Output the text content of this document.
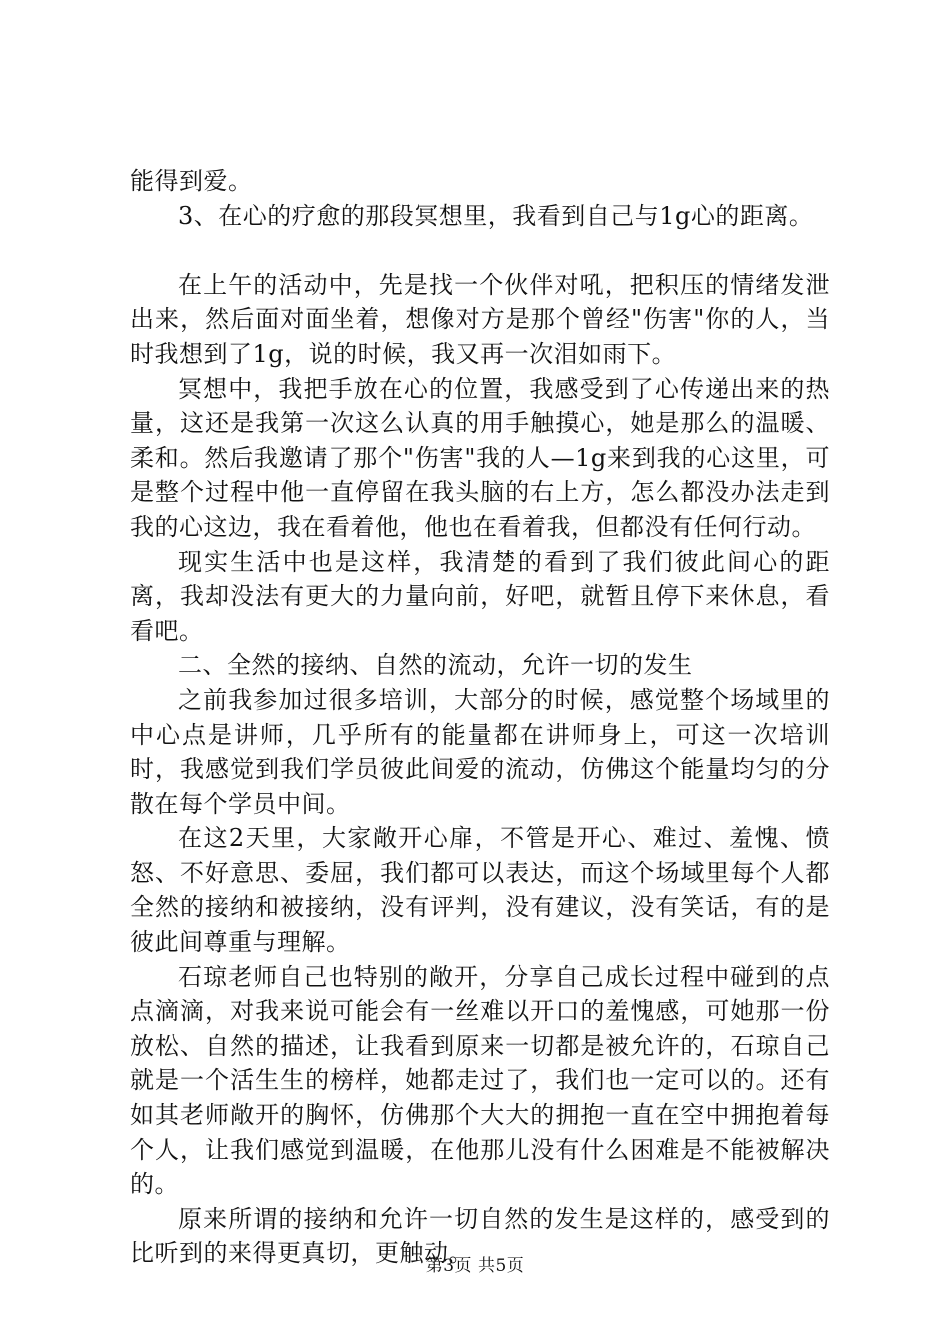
能得到爱。

3、在心的疗愈的那段冥想里，我看到自己与1g心的距离。

在上午的活动中，先是找一个伙伴对吼，把积压的情绪发泄出来，然后面对面坐着，想像对方是那个曾经"伤害"你的人，当时我想到了1g，说的时候，我又再一次泪如雨下。

冥想中，我把手放在心的位置，我感受到了心传递出来的热量，这还是我第一次这么认真的用手触摸心，她是那么的温暖、柔和。然后我邀请了那个"伤害"我的人—1g来到我的心这里，可是整个过程中他一直停留在我头脑的右上方，怎么都没办法走到我的心这边，我在看着他，他也在看着我，但都没有任何行动。

现实生活中也是这样，我清楚的看到了我们彼此间心的距离，我却没法有更大的力量向前，好吧，就暂且停下来休息，看看吧。

二、全然的接纳、自然的流动，允许一切的发生

之前我参加过很多培训，大部分的时候，感觉整个场域里的中心点是讲师，几乎所有的能量都在讲师身上，可这一次培训时，我感觉到我们学员彼此间爱的流动，仿佛这个能量均匀的分散在每个学员中间。

在这2天里，大家敞开心扉，不管是开心、难过、羞愧、愤怒、不好意思、委屈，我们都可以表达，而这个场域里每个人都全然的接纳和被接纳，没有评判，没有建议，没有笑话，有的是彼此间尊重与理解。

石琼老师自己也特别的敞开，分享自己成长过程中碰到的点点滴滴，对我来说可能会有一丝难以开口的羞愧感，可她那一份放松、自然的描述，让我看到原来一切都是被允许的，石琼自己就是一个活生生的榜样，她都走过了，我们也一定可以的。还有如其老师敞开的胸怀，仿佛那个大大的拥抱一直在空中拥抱着每个人，让我们感觉到温暖，在他那儿没有什么困难是不能被解决的。

原来所谓的接纳和允许一切自然的发生是这样的，感受到的比听到的来得更真切，更触动。

第3页 共5页
